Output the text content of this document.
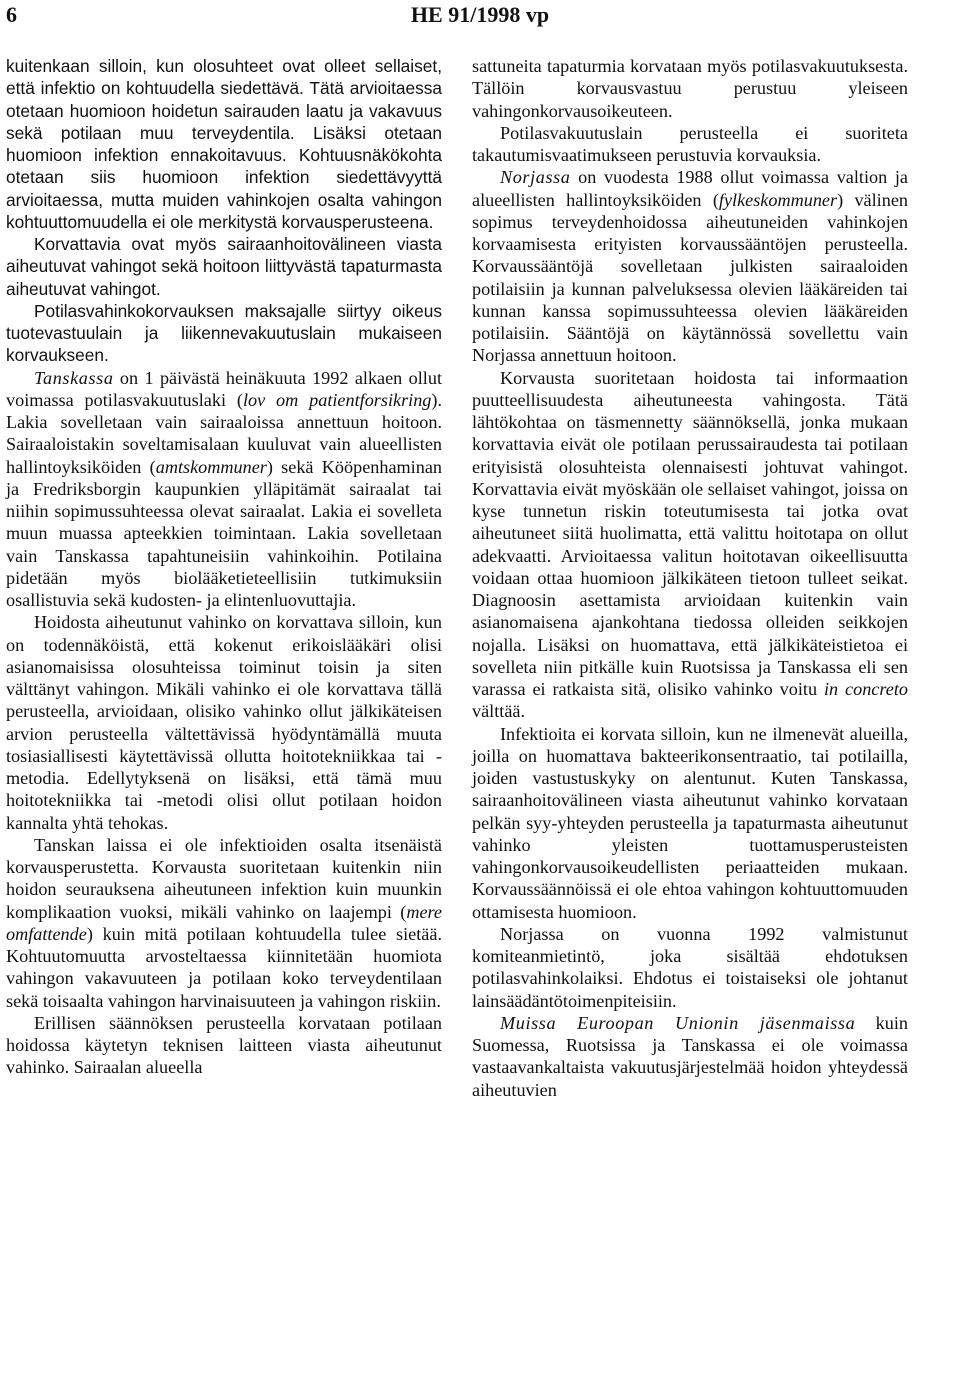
6	HE 91/1998 vp

kuitenkaan silloin, kun olosuhteet ovat olleet sellaiset, että infektio on kohtuudella siedettävä. Tätä arvioitaessa otetaan huomioon hoidetun sairauden laatu ja vakavuus sekä potilaan muu terveydentila. Lisäksi otetaan huomioon infektion ennakoitavuus. Kohtuusnäkökohta otetaan siis huomioon infektion siedettävyyttä arvioitaessa, mutta muiden vahinkojen osalta vahingon kohtuuttomuudella ei ole merkitystä korvausperusteena.

Korvattavia ovat myös sairaanhoitovälineen viasta aiheutuvat vahingot sekä hoitoon liittyvästä tapaturmasta aiheutuvat vahingot.

Potilasvahinkokorvauksen maksajalle siirtyy oikeus tuotevastuulain ja liikennevakuutuslain mukaiseen korvaukseen.

Tanskassa on 1 päivästä heinäkuuta 1992 alkaen ollut voimassa potilasvakuutuslaki (lov om patientforsikring). Lakia sovelletaan vain sairaaloissa annettuun hoitoon. Sairaaloistakin soveltamisalaan kuuluvat vain alueellisten hallintoyksiköiden (amtskommuner) sekä Kööpenhaminan ja Fredriksborgin kaupunkien ylläpitämät sairaalat tai niihin sopimussuhteessa olevat sairaalat. Lakia ei sovelleta muun muassa apteekkien toimintaan. Lakia sovelletaan vain Tanskassa tapahtuneisiin vahinkoihin. Potilaina pidetään myös biolääketieteellisiin tutkimuksiin osallistuvia sekä kudosten- ja elintenluovuttajia.

Hoidosta aiheutunut vahinko on korvattava silloin, kun on todennäköistä, että kokenut erikoislääkäri olisi asianomaisissa olosuhteissa toiminut toisin ja siten välttänyt vahingon. Mikäli vahinko ei ole korvattava tällä perusteella, arvioidaan, olisiko vahinko ollut jälkikäteisen arvion perusteella vältettävissä hyödyntämällä muuta tosiasiallisesti käytettävissä ollutta hoitotekniikkaa tai -metodia. Edellytyksenä on lisäksi, että tämä muu hoitotekniikka tai -metodi olisi ollut potilaan hoidon kannalta yhtä tehokas.

Tanskan laissa ei ole infektioiden osalta itsenäistä korvausperustetta. Korvausta suoritetaan kuitenkin niin hoidon seurauksena aiheutuneen infektion kuin muunkin komplikaation vuoksi, mikäli vahinko on laajempi (mere omfattende) kuin mitä potilaan kohtuudella tulee sietää. Kohtuutomuutta arvosteltaessa kiinnitetään huomiota vahingon vakavuuteen ja potilaan koko terveydentilaan sekä toisaalta vahingon harvinaisuuteen ja vahingon riskiin.

Erillisen säännöksen perusteella korvataan potilaan hoidossa käytetyn teknisen laitteen viasta aiheutunut vahinko. Sairaalan alueella

sattuneita tapaturmia korvataan myös potilasvakuutuksesta. Tällöin korvausvastuu perustuu yleiseen vahingonkorvausoikeuteen.

Potilasvakuutuslain perusteella ei suoriteta takautumisvaatimukseen perustuvia korvauksia.

Norjassa on vuodesta 1988 ollut voimassa valtion ja alueellisten hallintoyksiköiden (fylkeskommuner) välinen sopimus terveydenhoidossa aiheutuneiden vahinkojen korvaamisesta erityisten korvaussääntöjen perusteella. Korvaussääntöjä sovelletaan julkisten sairaaloiden potilaisiin ja kunnan palveluksessa olevien lääkäreiden tai kunnan kanssa sopimussuhteessa olevien lääkäreiden potilaisiin. Sääntöjä on käytännössä sovellettu vain Norjassa annettuun hoitoon.

Korvausta suoritetaan hoidosta tai informaation puutteellisuudesta aiheutuneesta vahingosta. Tätä lähtökohtaa on täsmennetty säännöksellä, jonka mukaan korvattavia eivät ole potilaan perussairaudesta tai potilaan erityisistä olosuhteista olennaisesti johtuvat vahingot. Korvattavia eivät myöskään ole sellaiset vahingot, joissa on kyse tunnetun riskin toteutumisesta tai jotka ovat aiheutuneet siitä huolimatta, että valittu hoitotapa on ollut adekvaatti. Arvioitaessa valitun hoitotavan oikeellisuutta voidaan ottaa huomioon jälkikäteen tietoon tulleet seikat. Diagnoosin asettamista arvioidaan kuitenkin vain asianomaisena ajankohtana tiedossa olleiden seikkojen nojalla. Lisäksi on huomattava, että jälkikäteistietoa ei sovelleta niin pitkälle kuin Ruotsissa ja Tanskassa eli sen varassa ei ratkaista sitä, olisiko vahinko voitu in concreto välttää.

Infektioita ei korvata silloin, kun ne ilmenevät alueilla, joilla on huomattava bakteerikonsentraatio, tai potilailla, joiden vastustuskyky on alentunut. Kuten Tanskassa, sairaanhoitovälineen viasta aiheutunut vahinko korvataan pelkän syy-yhteyden perusteella ja tapaturmasta aiheutunut vahinko yleisten tuottamusperusteisten vahingonkorvausoikeudellisten periaatteiden mukaan. Korvaussäännöissä ei ole ehtoa vahingon kohtuuttomuuden ottamisesta huomioon.

Norjassa on vuonna 1992 valmistunut komiteanmietintö, joka sisältää ehdotuksen potilasvahinkolaiksi. Ehdotus ei toistaiseksi ole johtanut lainsäädäntötoimenpiteisiin.

Muissa Euroopan Unionin jäsenmaissa kuin Suomessa, Ruotsissa ja Tanskassa ei ole voimassa vastaavankaltaista vakuutusjärjestelmää hoidon yhteydessä aiheutuvien
